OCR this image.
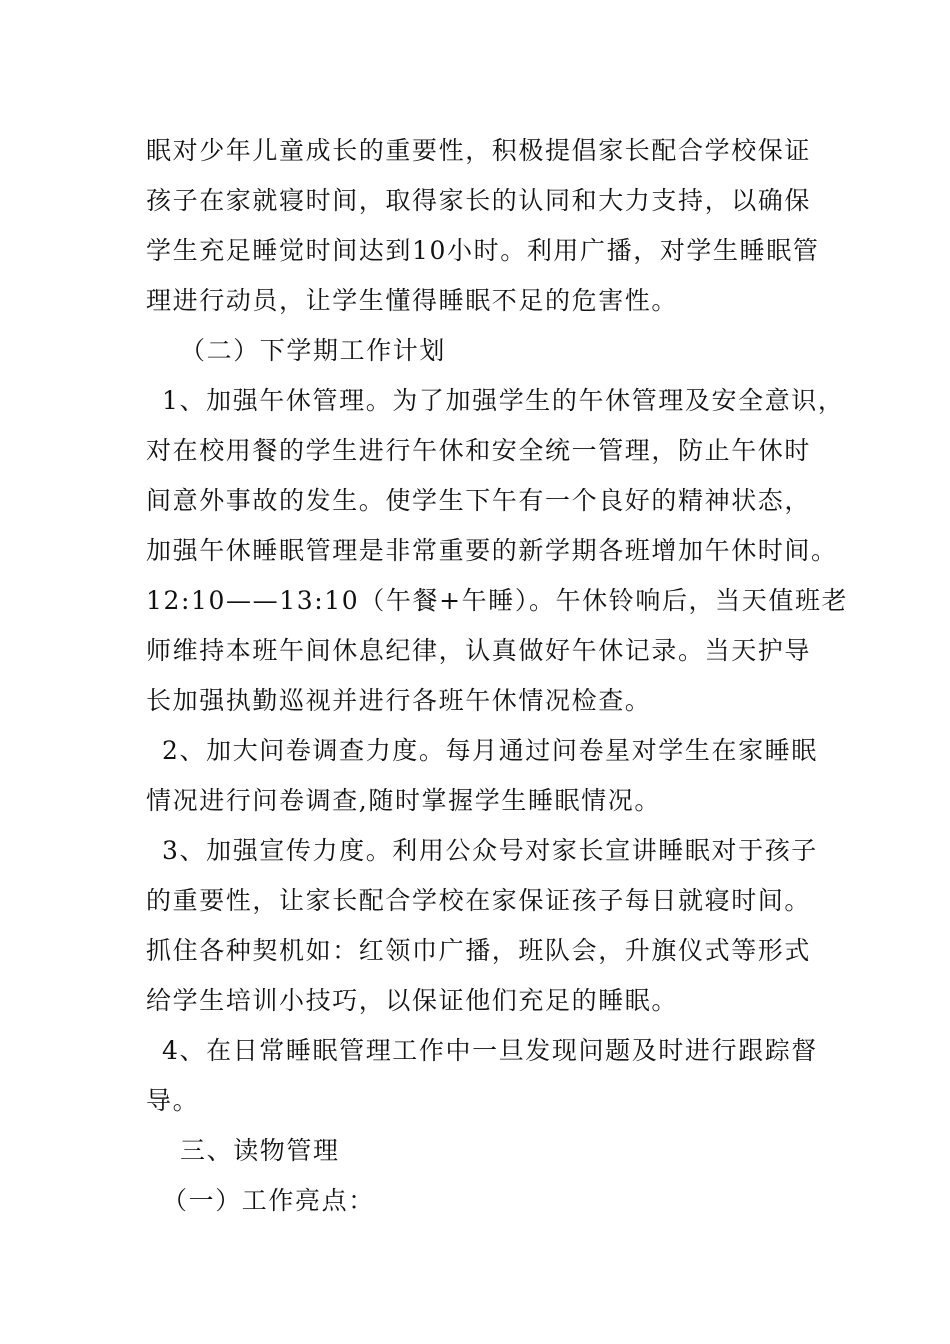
眠对少年儿童成长的重要性，积极提倡家长配合学校保证
孩子在家就寝时间，取得家长的认同和大力支持，以确保
学生充足睡觉时间达到10小时。利用广播，对学生睡眠管
理进行动员，让学生懂得睡眠不足的危害性。
（二）下学期工作计划
1、加强午休管理。为了加强学生的午休管理及安全意识，
对在校用餐的学生进行午休和安全统一管理，防止午休时
间意外事故的发生。使学生下午有一个良好的精神状态，
加强午休睡眠管理是非常重要的新学期各班增加午休时间。
12:10——13:10（午餐+午睡）。午休铃响后，当天值班老
师维持本班午间休息纪律，认真做好午休记录。当天护导
长加强执勤巡视并进行各班午休情况检查。
2、加大问卷调查力度。每月通过问卷星对学生在家睡眠
情况进行问卷调查,随时掌握学生睡眠情况。
3、加强宣传力度。利用公众号对家长宣讲睡眠对于孩子
的重要性，让家长配合学校在家保证孩子每日就寝时间。
抓住各种契机如：红领巾广播，班队会，升旗仪式等形式
给学生培训小技巧，以保证他们充足的睡眠。
4、在日常睡眠管理工作中一旦发现问题及时进行跟踪督
导。
三、读物管理
（一）工作亮点：
